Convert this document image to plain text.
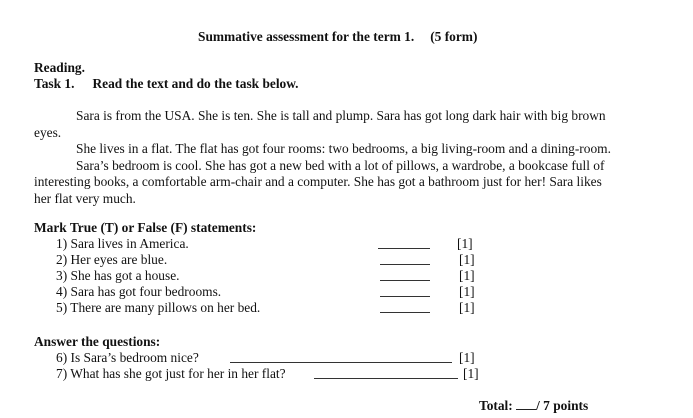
Summative assessment for the term 1. (5 form)
Reading.
Task 1. Read the text and do the task below.
Sara is from the USA. She is ten. She is tall and plump. Sara has got long dark hair with big brown
eyes.
She lives in a flat. The flat has got four rooms: two bedrooms, a big living-room and a dining-room.
Sara’s bedroom is cool. She has got a new bed with a lot of pillows, a wardrobe, a bookcase full of
interesting books, a comfortable arm-chair and a computer. She has got a bathroom just for her! Sara likes
her flat very much.
Mark True (T) or False (F) statements:
1) Sara lives in America.
2) Her eyes are blue.
3) She has got a house.
4) Sara has got four bedrooms.
5) There are many pillows on her bed.
[1]
[1]
[1]
[1]
[1]
Answer the questions:
6) Is Sara’s bedroom nice?	[1]
7) What has she got just for her in her flat?	[1]
Total: / 7 points
